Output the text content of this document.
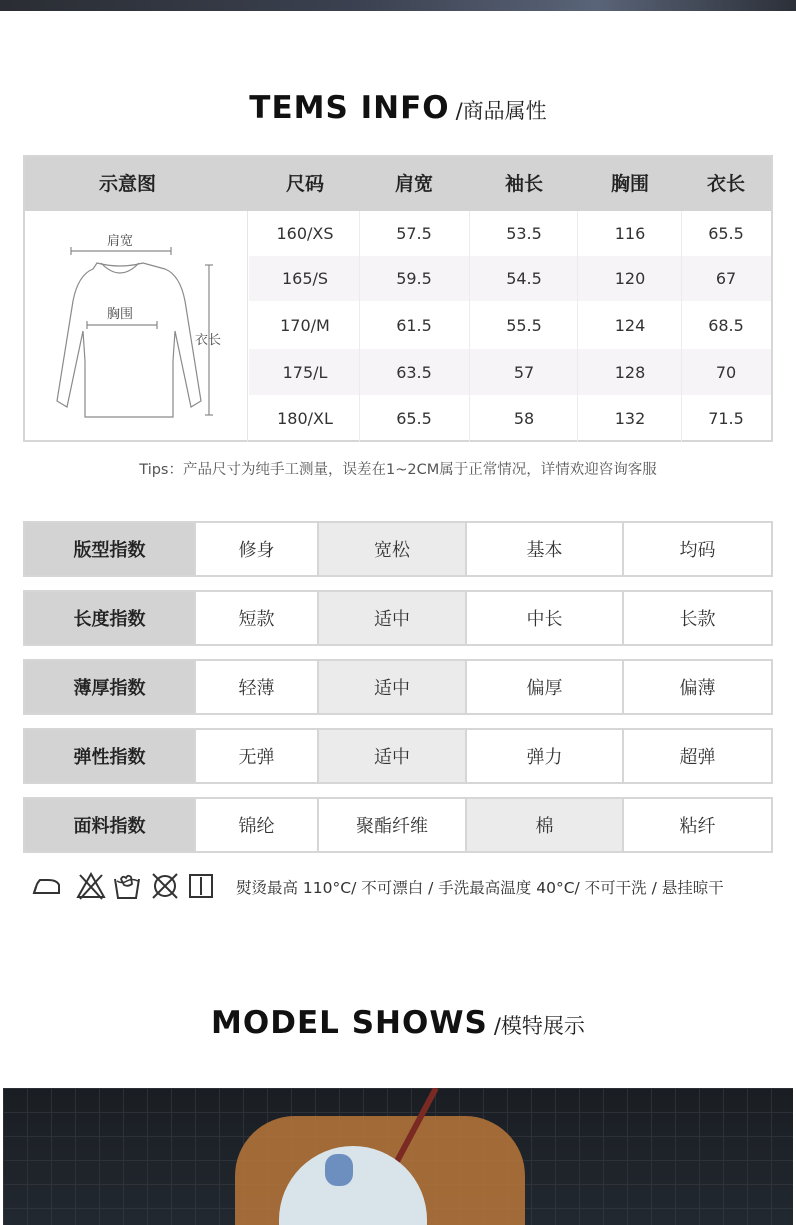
TEMS INFO /商品属性
示意图	尺码	肩宽	袖长	胸围	衣长
肩宽
胸围
衣长
160/XS	57.5	53.5	116	65.5
165/S	59.5	54.5	120	67
170/M	61.5	55.5	124	68.5
175/L	63.5	57	128	70
180/XL	65.5	58	132	71.5
Tips：产品尺寸为纯手工测量，误差在1~2CM属于正常情况，详情欢迎咨询客服
熨烫最高 110°C/ 不可漂白 / 手洗最高温度 40°C/ 不可干洗 / 悬挂晾干
MODEL SHOWS /模特展示
版型指数	修身	宽松	基本	均码
长度指数	短款	适中	中长	长款
薄厚指数	轻薄	适中	偏厚	偏薄
弹性指数	无弹	适中	弹力	超弹
面料指数	锦纶	聚酯纤维	棉	粘纤
